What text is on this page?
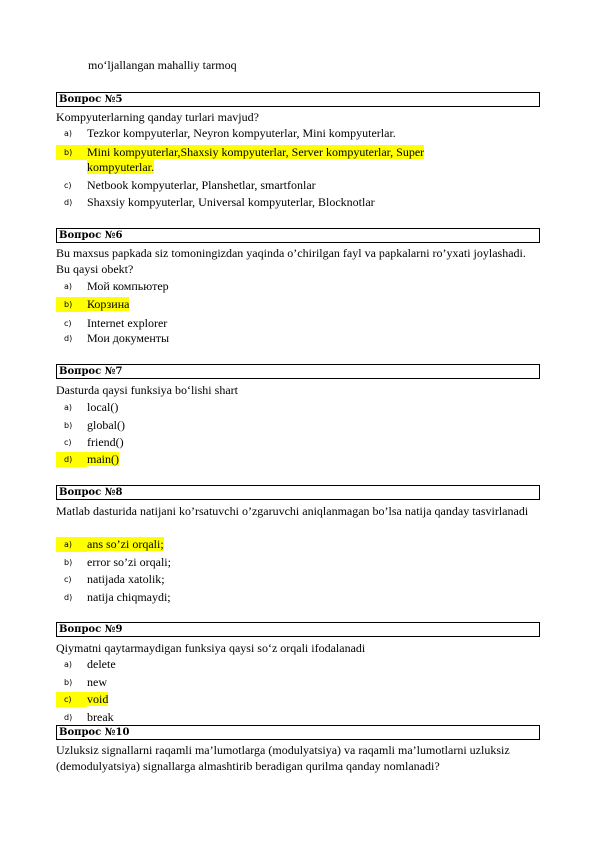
mo‘ljallangan mahalliy tarmoq
Вопрос №5
Kompyuterlarning qanday turlari mavjud?
a) Tezkor kompyuterlar, Neyron kompyuterlar, Mini kompyuterlar.
b) Mini kompyuterlar,Shaxsiy kompyuterlar, Server kompyuterlar, Super kompyuterlar.
c) Netbook kompyuterlar, Planshetlar, smartfonlar
d) Shaxsiy kompyuterlar, Universal kompyuterlar, Blocknotlar
Вопрос №6
Bu maxsus papkada siz tomoningizdan yaqinda o’chirilgan fayl va papkalarni ro’yxati joylashadi. Bu qaysi obekt?
a) Мой компьютер
b) Корзина
c) Internet explorer
d) Мои документы
Вопрос №7
Dasturda qaysi funksiya bo‘lishi shart
a) local()
b) global()
c) friend()
d) main()
Вопрос №8
Matlab dasturida natijani ko’rsatuvchi o’zgaruvchi aniqlanmagan bo’lsa natija qanday tasvirlanadi
a) ans so’zi orqali;
b) error so’zi orqali;
c) natijada xatolik;
d) natija chiqmaydi;
Вопрос №9
Qiymatni qaytarmaydigan funksiya qaysi so‘z orqali ifodalanadi
a) delete
b) new
c) void
d) break
Вопрос №10
Uzluksiz signallarni raqamli ma’lumotlarga (modulyatsiya) va raqamli ma’lumotlarni uzluksiz (demodulyatsiya) signallarga almashtirib beradigan qurilma qanday nomlanadi?
